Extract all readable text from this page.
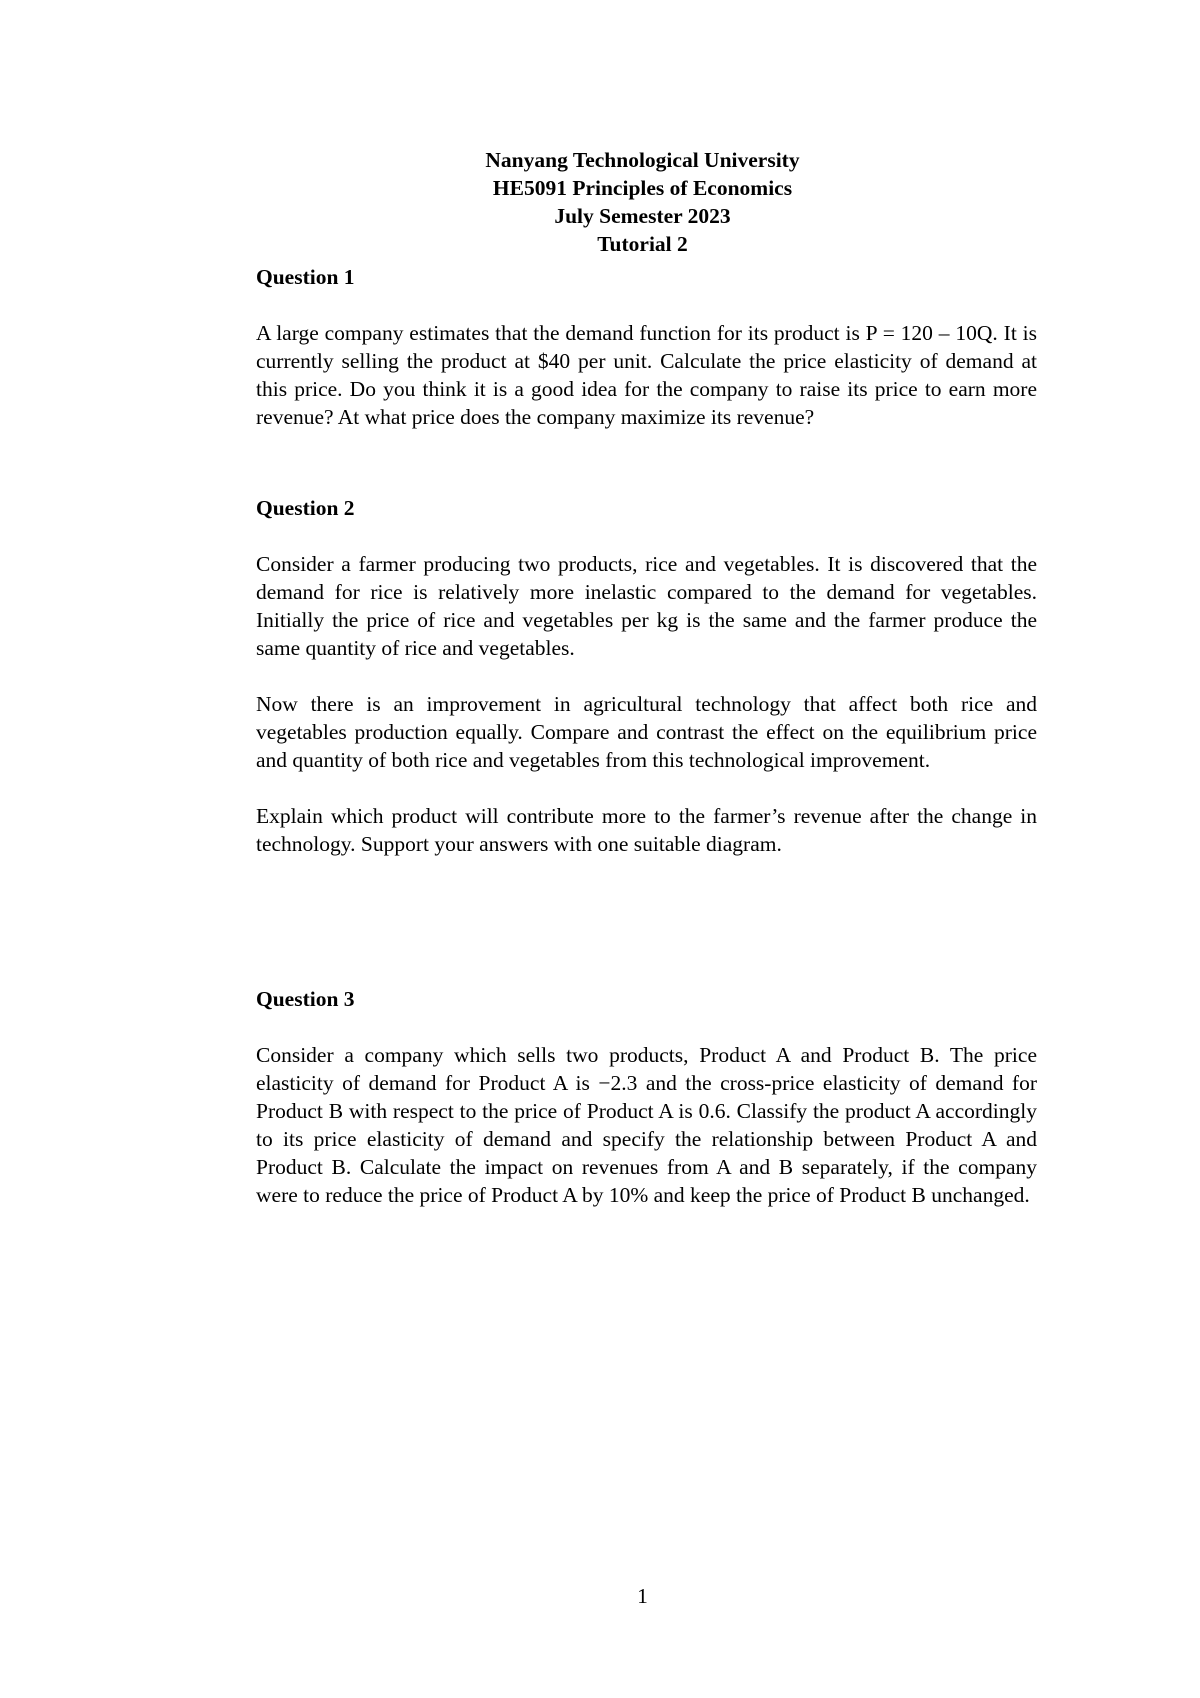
Nanyang Technological University
HE5091 Principles of Economics
July Semester 2023
Tutorial 2

Question 1

A large company estimates that the demand function for its product is P = 120 – 10Q. It is currently selling the product at $40 per unit. Calculate the price elasticity of demand at this price. Do you think it is a good idea for the company to raise its price to earn more revenue? At what price does the company maximize its revenue?

Question 2

Consider a farmer producing two products, rice and vegetables. It is discovered that the demand for rice is relatively more inelastic compared to the demand for vegetables. Initially the price of rice and vegetables per kg is the same and the farmer produce the same quantity of rice and vegetables.

Now there is an improvement in agricultural technology that affect both rice and vegetables production equally. Compare and contrast the effect on the equilibrium price and quantity of both rice and vegetables from this technological improvement.

Explain which product will contribute more to the farmer’s revenue after the change in technology. Support your answers with one suitable diagram.

Question 3

Consider a company which sells two products, Product A and Product B. The price elasticity of demand for Product A is −2.3 and the cross-price elasticity of demand for Product B with respect to the price of Product A is 0.6. Classify the product A accordingly to its price elasticity of demand and specify the relationship between Product A and Product B. Calculate the impact on revenues from A and B separately, if the company were to reduce the price of Product A by 10% and keep the price of Product B unchanged.

1
